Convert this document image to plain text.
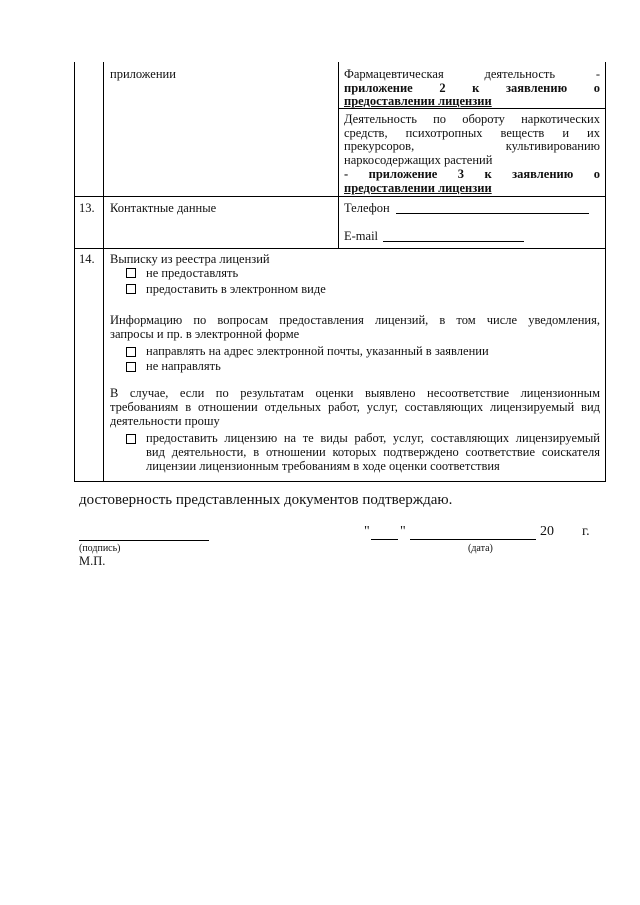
приложении	Фармацевтическая деятельность -
приложение 2 к заявлению о
предоставлении лицензии
Деятельность по обороту наркотических
средств, психотропных веществ и их
прекурсоров, культивированию
наркосодержащих растений
- приложение 3 к заявлению о
предоставлении лицензии
13. Контактные данные	Телефон
E-mail
14. Выписку из реестра лицензий
не предоставлять
предоставить в электронном виде
Информацию по вопросам предоставления лицензий, в том числе уведомления,
запросы и пр. в электронной форме
направлять на адрес электронной почты, указанный в заявлении
не направлять
В случае, если по результатам оценки выявлено несоответствие лицензионным
требованиям в отношении отдельных работ, услуг, составляющих лицензируемый вид
деятельности прошу
предоставить лицензию на те виды работ, услуг, составляющих лицензируемый
вид деятельности, в отношении которых подтверждено соответствие соискателя
лицензии лицензионным требованиям в ходе оценки соответствия
достоверность представленных документов подтверждаю.
(подпись)
М.П.
" "	20 г.
(дата)
